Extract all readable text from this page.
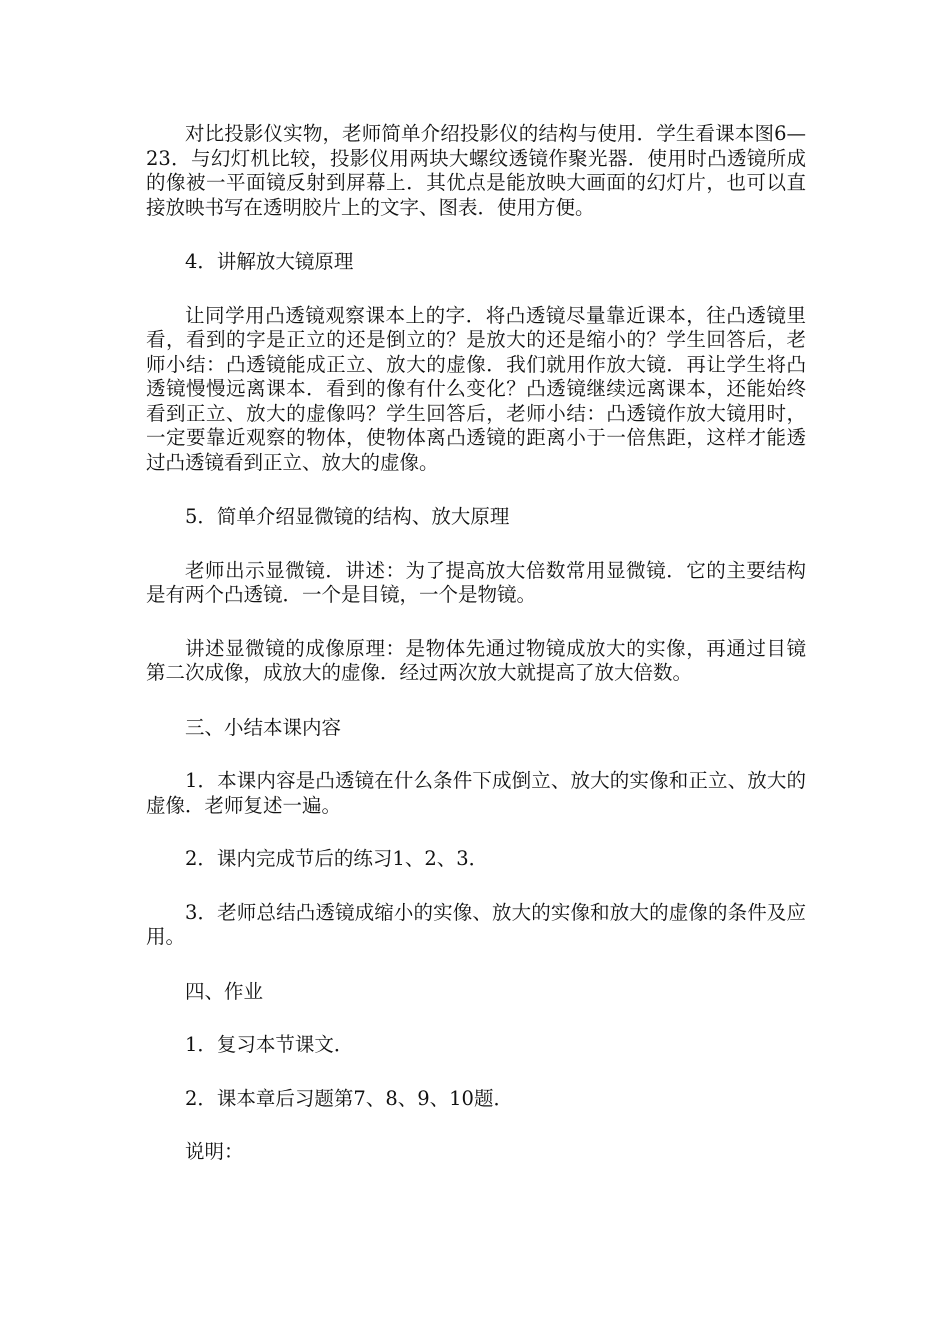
对比投影仪实物，老师简单介绍投影仪的结构与使用．学生看课本图6—23．与幻灯机比较，投影仪用两块大螺纹透镜作聚光器．使用时凸透镜所成的像被一平面镜反射到屏幕上．其优点是能放映大画面的幻灯片，也可以直接放映书写在透明胶片上的文字、图表．使用方便。

4．讲解放大镜原理

让同学用凸透镜观察课本上的字．将凸透镜尽量靠近课本，往凸透镜里看，看到的字是正立的还是倒立的？是放大的还是缩小的？学生回答后，老师小结：凸透镜能成正立、放大的虚像．我们就用作放大镜．再让学生将凸透镜慢慢远离课本．看到的像有什么变化？凸透镜继续远离课本，还能始终看到正立、放大的虚像吗？学生回答后，老师小结：凸透镜作放大镜用时，一定要靠近观察的物体，使物体离凸透镜的距离小于一倍焦距，这样才能透过凸透镜看到正立、放大的虚像。

5．简单介绍显微镜的结构、放大原理

老师出示显微镜．讲述：为了提高放大倍数常用显微镜．它的主要结构是有两个凸透镜．一个是目镜，一个是物镜。

讲述显微镜的成像原理：是物体先通过物镜成放大的实像，再通过目镜第二次成像，成放大的虚像．经过两次放大就提高了放大倍数。

三、小结本课内容

1．本课内容是凸透镜在什么条件下成倒立、放大的实像和正立、放大的虚像．老师复述一遍。

2．课内完成节后的练习1、2、3．

3．老师总结凸透镜成缩小的实像、放大的实像和放大的虚像的条件及应用。

四、作业

1．复习本节课文．

2．课本章后习题第7、8、9、10题．

说明：
